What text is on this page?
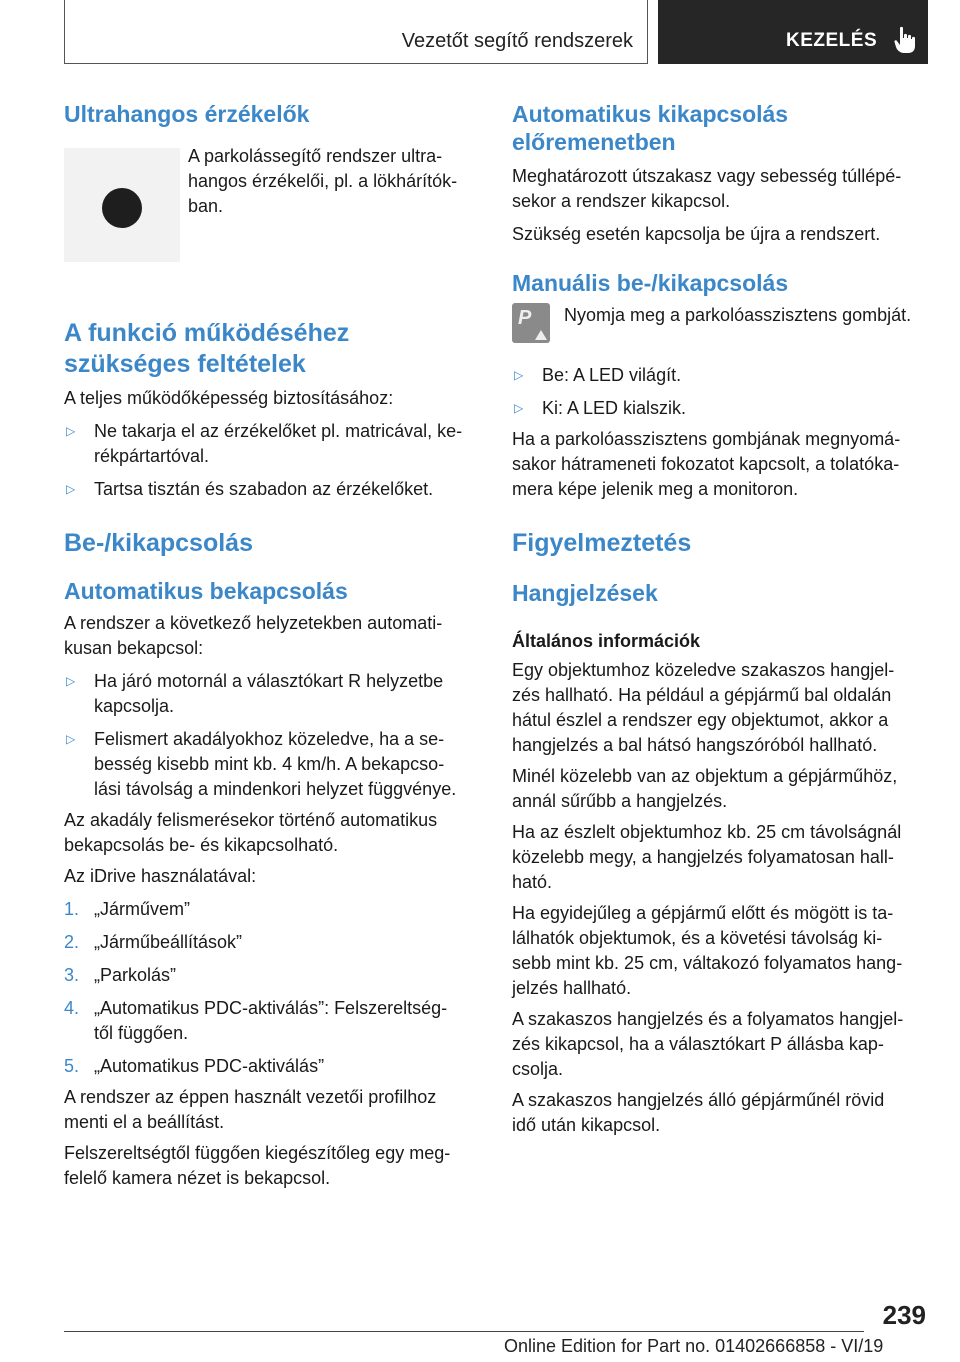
Vezetőt segítő rendszerek	KEZELÉS
Ultrahangos érzékelők

A parkolássegítő rendszer ultra-

hangos érzékelői, pl. a lökhárítók-

ban.

A funkció működéséhez
szükséges feltételek

A teljes működőképesség biztosításához:

▷ Ne takarja el az érzékelőket pl. matricával, ke-
rékpártartóval.
▷ Tartsa tisztán és szabadon az érzékelőket.
Be-/kikapcsolás
Automatikus bekapcsolás

A rendszer a következő helyzetekben automati-
kusan bekapcsol:

▷ Ha járó motornál a választókart R helyzetbe
kapcsolja.
▷ Felismert akadályokhoz közeledve, ha a se-
besség kisebb mint kb. 4 km/h. A bekapcso-
lási távolság a mindenkori helyzet függvénye.

Az akadály felismerésekor történő automatikus
bekapcsolás be- és kikapcsolható.

Az iDrive használatával:

1. „Járművem”
2. „Járműbeállítások”
3. „Parkolás”
4. „Automatikus PDC-aktiválás”: Felszereltség-
től függően.
5. „Automatikus PDC-aktiválás”

A rendszer az éppen használt vezetői profilhoz
menti el a beállítást.

Felszereltségtől függően kiegészítőleg egy meg-
felelő kamera nézet is bekapcsol.

Automatikus kikapcsolás
előremenetben

Meghatározott útszakasz vagy sebesség túllépé-
sekor a rendszer kikapcsol.

Szükség esetén kapcsolja be újra a rendszert.

Manuális be-/kikapcsolás
P Nyomja meg a parkolóasszisztens gombját.

▷ Be: A LED világít.
▷ Ki: A LED kialszik.

Ha a parkolóasszisztens gombjának megnyomá-
sakor hátrameneti fokozatot kapcsolt, a tolatóka-
mera képe jelenik meg a monitoron.

Figyelmeztetés
Hangjelzések
Általános információk

Egy objektumhoz közeledve szakaszos hangjel-
zés hallható. Ha például a gépjármű bal oldalán
hátul észlel a rendszer egy objektumot, akkor a
hangjelzés a bal hátsó hangszóróból hallható.

Minél közelebb van az objektum a gépjárműhöz,
annál sűrűbb a hangjelzés.

Ha az észlelt objektumhoz kb. 25 cm távolságnál
közelebb megy, a hangjelzés folyamatosan hall-
ható.

Ha egyidejűleg a gépjármű előtt és mögött is ta-
lálhatók objektumok, és a követési távolság ki-
sebb mint kb. 25 cm, váltakozó folyamatos hang-
jelzés hallható.

A szakaszos hangjelzés és a folyamatos hangjel-
zés kikapcsol, ha a választókart P állásba kap-
csolja.

A szakaszos hangjelzés álló gépjárműnél rövid
idő után kikapcsol.

239
Online Edition for Part no. 01402666858 - VI/19
